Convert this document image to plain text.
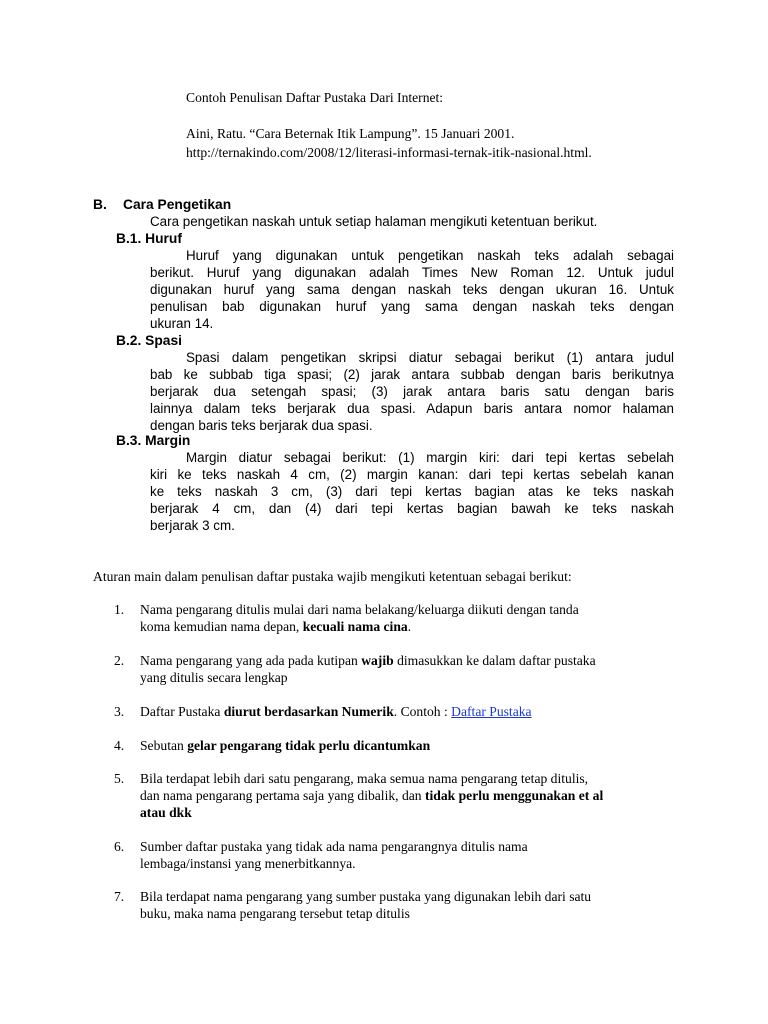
Contoh Penulisan Daftar Pustaka Dari Internet:
Aini, Ratu. “Cara Beternak Itik Lampung”. 15 Januari 2001.
http://ternakindo.com/2008/12/literasi-informasi-ternak-itik-nasional.html.
B. Cara Pengetikan
Cara pengetikan naskah untuk setiap halaman mengikuti ketentuan berikut.
B.1. Huruf
Huruf yang digunakan untuk pengetikan naskah teks adalah sebagai
berikut. Huruf yang digunakan adalah Times New Roman 12. Untuk judul
digunakan huruf yang sama dengan naskah teks dengan ukuran 16. Untuk
penulisan bab digunakan huruf yang sama dengan naskah teks dengan
ukuran 14.
B.2. Spasi
Spasi dalam pengetikan skripsi diatur sebagai berikut (1) antara judul
bab ke subbab tiga spasi; (2) jarak antara subbab dengan baris berikutnya
berjarak dua setengah spasi; (3) jarak antara baris satu dengan baris
lainnya dalam teks berjarak dua spasi. Adapun baris antara nomor halaman
dengan baris teks berjarak dua spasi.
B.3. Margin
Margin diatur sebagai berikut: (1) margin kiri: dari tepi kertas sebelah
kiri ke teks naskah 4 cm, (2) margin kanan: dari tepi kertas sebelah kanan
ke teks naskah 3 cm, (3) dari tepi kertas bagian atas ke teks naskah
berjarak 4 cm, dan (4) dari tepi kertas bagian bawah ke teks naskah
berjarak 3 cm.
Aturan main dalam penulisan daftar pustaka wajib mengikuti ketentuan sebagai berikut:
1.	Nama pengarang ditulis mulai dari nama belakang/keluarga diikuti dengan tanda
koma kemudian nama depan, kecuali nama cina.
2.	Nama pengarang yang ada pada kutipan wajib dimasukkan ke dalam daftar pustaka
yang ditulis secara lengkap
3.	Daftar Pustaka diurut berdasarkan Numerik. Contoh : Daftar Pustaka
4.	Sebutan gelar pengarang tidak perlu dicantumkan
5.	Bila terdapat lebih dari satu pengarang, maka semua nama pengarang tetap ditulis,
dan nama pengarang pertama saja yang dibalik, dan tidak perlu menggunakan et al
atau dkk
6.	Sumber daftar pustaka yang tidak ada nama pengarangnya ditulis nama
lembaga/instansi yang menerbitkannya.
7.	Bila terdapat nama pengarang yang sumber pustaka yang digunakan lebih dari satu
buku, maka nama pengarang tersebut tetap ditulis
